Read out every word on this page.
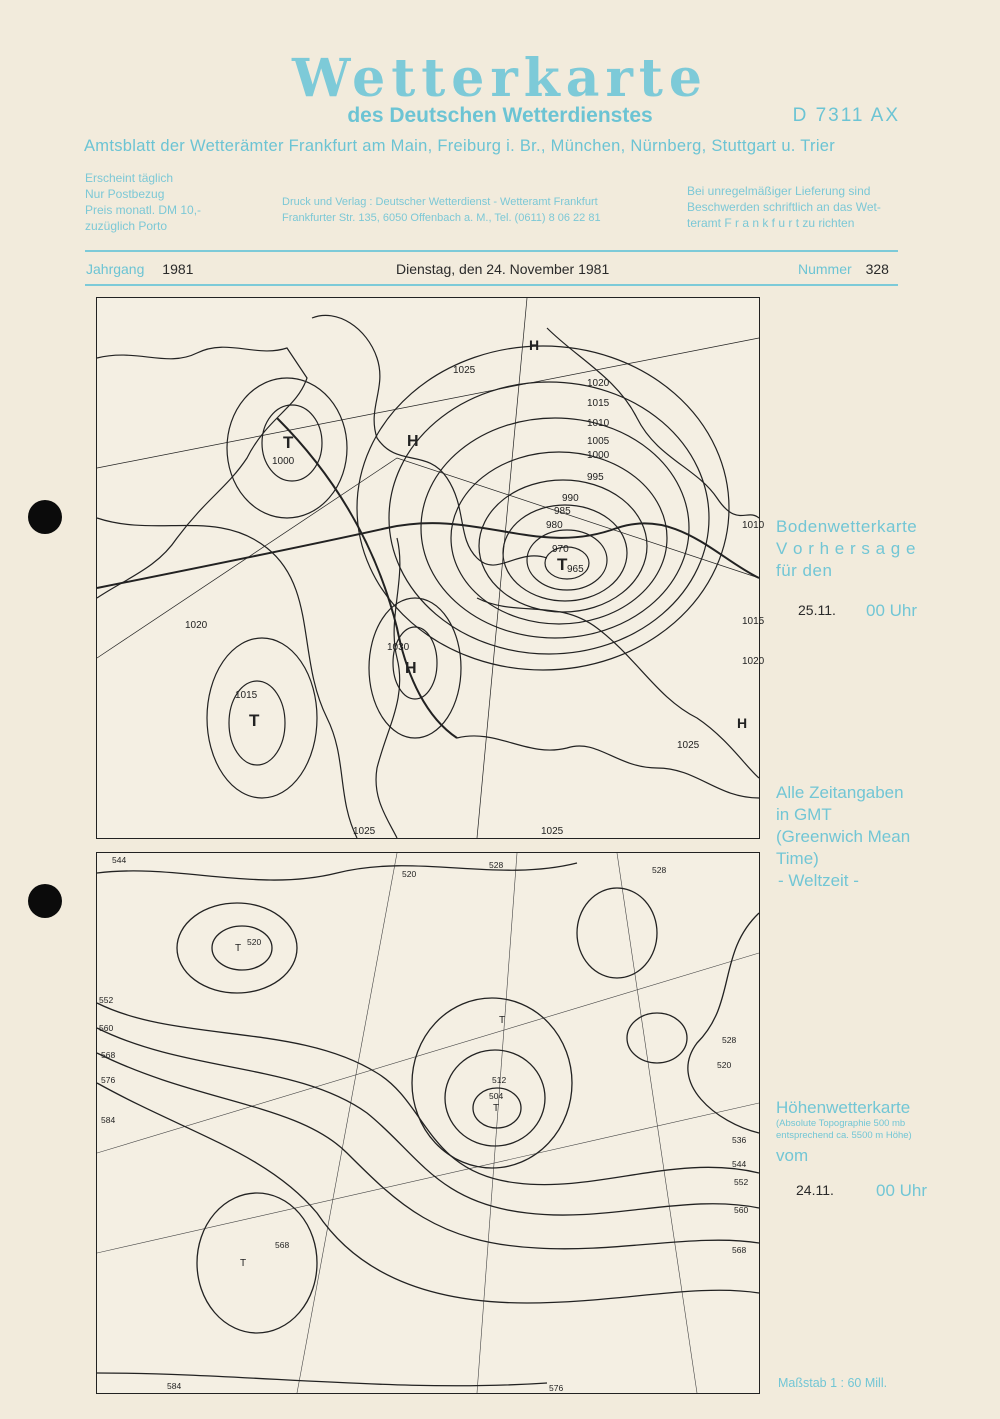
Wetterkarte
des Deutschen Wetterdienstes	D 7311 AX
Amtsblatt der Wetterämter Frankfurt am Main, Freiburg i. Br., München, Nürnberg, Stuttgart u. Trier
Erscheint täglich
Nur Postbezug
Preis monatl. DM 10,-
zuzüglich Porto
Druck und Verlag : Deutscher Wetterdienst - Wetteramt Frankfurt
Frankfurter Str. 135, 6050 Offenbach a. M., Tel. (0611) 8 06 22 81
Bei unregelmäßiger Lieferung sind
Beschwerden schriftlich an das Wet-
teramt F r a n k f u r t zu richten
Jahrgang 1981	Dienstag, den 24. November 1981	Nummer 328
T
1000
H
T 965
H
1030
T
1015
H
H
1020
1015
1010
1005
1000
995
990
985
980
970
1025
1020
1010
1015
1020
1025
1025	1025
Bodenwetterkarte
V o r h e r s a g e
für den
25.11. 00 Uhr
Alle Zeitangaben
in GMT
(Greenwich Mean
Time)
- Weltzeit -
T
520
T
504
512
T
T
568
552
560
568
576
584
536
544
552
560
568
520
528
528
520
528
544
584	576
Höhenwetterkarte
(Absolute Topographie 500 mb
entsprechend ca. 5500 m Höhe)
vom
24.11. 00 Uhr
Maßstab 1 : 60 Mill.
